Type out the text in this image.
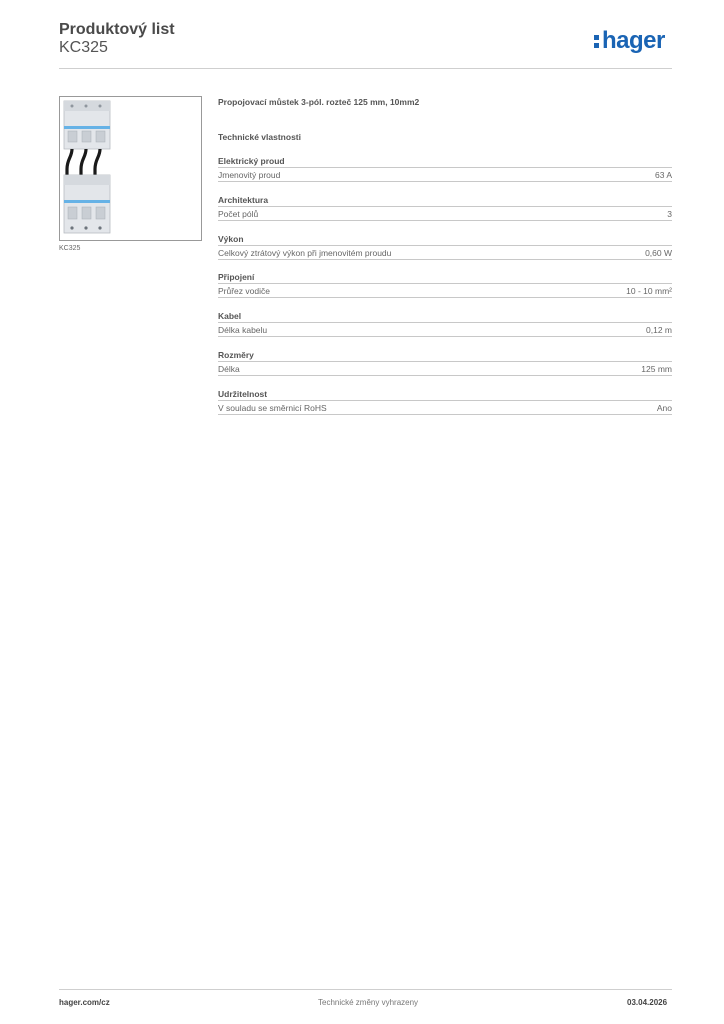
Produktový list
KC325	hager
KC325
Propojovací můstek 3-pól. rozteč 125 mm, 10mm2
Technické vlastnosti
Elektrický proud
Jmenovitý proud	63 A
Architektura
Počet pólů	3
Výkon
Celkový ztrátový výkon při jmenovitém proudu	0,60 W
Připojení
Průřez vodiče	10 - 10 mm²
Kabel
Délka kabelu	0,12 m
Rozměry
Délka	125 mm
Udržitelnost
V souladu se směrnicí RoHS	Ano
hager.com/cz	Technické změny vyhrazeny	03.04.2026
